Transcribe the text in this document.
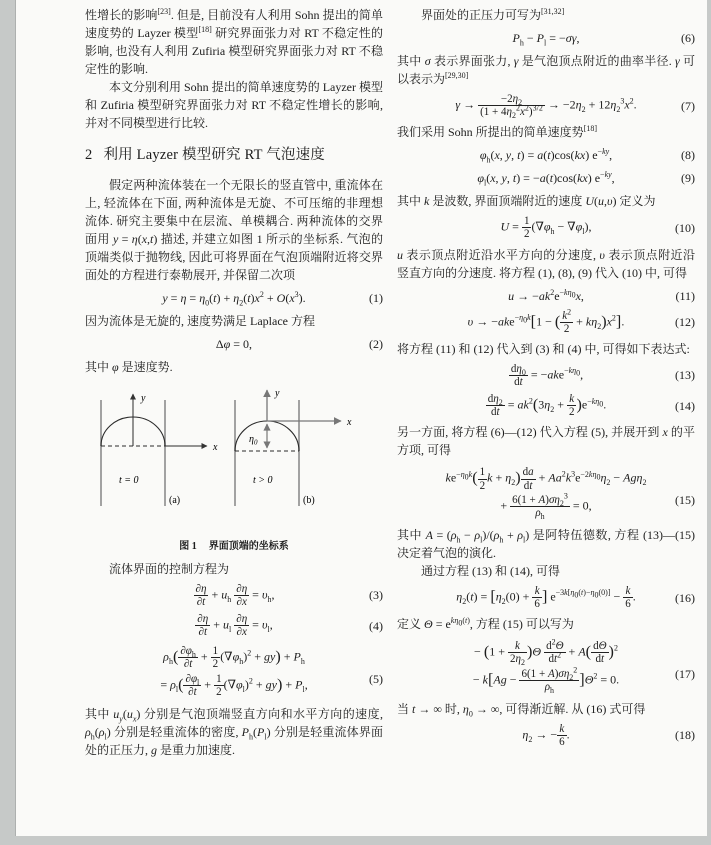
性增长的影响[23]. 但是, 目前没有人利用 Sohn 提出的简单速度势的 Layzer 模型[18] 研究界面张力对 RT 不稳定性的影响, 也没有人利用 Zufiria 模型研究界面张力对 RT 不稳定性的影响.

本文分别利用 Sohn 提出的简单速度势的 Layzer 模型和 Zufiria 模型研究界面张力对 RT 不稳定性增长的影响, 并对不同模型进行比较.

2 利用 Layzer 模型研究 RT 气泡速度

假定两种流体装在一个无限长的竖直管中, 重流体在上, 轻流体在下面, 两种流体是无旋、不可压缩的非理想流体. 研究主要集中在层流、单模耦合. 两种流体的交界面用 y = η(x,t) 描述, 并建立如图 1 所示的坐标系. 气泡的顶端类似于抛物线, 因此可将界面在气泡顶端附近将交界面处的方程进行泰勒展开, 并保留二次项

$y = \eta = \eta_0(t) + \eta_2(t)x^2 + O(x^3)$.	(1)

因为流体是无旋的, 速度势满足 Laplace 方程

Δφ = 0,	(2)

其中 φ 是速度势.

y
x
t = 0
(a)
y
x
$\eta_0$
t > 0
(b)
图 1 界面顶端的坐标系

流体界面的控制方程为

$\frac{\partial\eta}{\partial t} + u_h \frac{\partial\eta}{\partial x} = \upsilon_h$,	(3)
$\frac{\partial\eta}{\partial t} + u_l \frac{\partial\eta}{\partial x} = \upsilon_l$,	(4)
$\rho_h( \frac{\partial\varphi_h}{\partial t} + \frac{1}{2} (\nabla\varphi_h)^2 + gy) + P_h$
= $\rho_l( \frac{\partial\varphi_l}{\partial t} + \frac{1}{2} (\nabla\varphi_l)^2 + gy) + P_l$,	(5)

其中 $u_y(u_x)$ 分别是气泡顶端竖直方向和水平方向的速度, $\rho_h(\rho_l)$ 分别是轻重流体的密度, $P_h(P_l)$ 分别是轻重流体界面处的正压力, g 是重力加速度.

界面处的正压力可写为[31,32]

$P_h - P_l = -\sigma\gamma$,	(6)

其中 σ 表示界面张力, γ 是气泡顶点附近的曲率半径. γ 可以表示为[29,30]

$\gamma \to \frac{-2\eta_2}{(1 + 4\eta_2^2x^2)^{3/2}} \to -2\eta_2 + 12\eta_2^3x^2$.	(7)

我们采用 Sohn 所提出的简单速度势[18]

$\varphi_h(x$, y, t) = a(t)cos(kx) $e^{-ky}$,	(8)
$\varphi_l(x$, y, t) = −a(t)cos(kx) $e^{-ky}$,	(9)

其中 k 是波数, 界面顶端附近的速度 U(u,υ) 定义为

$U = \frac{1}{2} (\nabla\varphi_h - \nabla\varphi_l)$,	(10)

u 表示顶点附近沿水平方向的分速度, υ 表示顶点附近沿竖直方向的分速度. 将方程 (1), (8), (9) 代入 (10) 中, 可得

$u \to -ak^2e^{-k\eta_0}x$,	(11)
υ → −ake$^{-\eta_0k}$[1 − ( $\frac{k^2}{2} + k\eta_2)x^2$].	(12)

将方程 (11) 和 (12) 代入到 (3) 和 (4) 中, 可得如下表达式:

$\frac{d\eta_0}{dt} = -ake^{-k\eta_0}$,	(13)
$\frac{d\eta_2}{dt} = ak^2(3\eta_2 + \frac{k}{2} )e^{-k\eta_0}$.	(14)

另一方面, 将方程 (6)—(12) 代入方程 (5), 并展开到 x 的平方项, 可得

$ke^{-\eta_0k}( \frac{1}{2}$ $k + \eta_2) \frac{da}{dt} + Aa^2k^3e^{-2k\eta_0}\eta_2 - Ag\eta_2$
+ $\frac{6(1 + A)\sigma\eta_2^3}{\rho_h} = 0$,	(15)

其中 $A = (\rho_h - \rho_l)/(\rho_h + \rho_l)$ 是阿特伍德数, 方程 (13)—(15) 决定着气泡的演化.

通过方程 (13) 和 (14), 可得

$\eta_2(t) = [\eta_2(0) + \frac{k}{6}$ ] $e^{-3k[\eta_0(t)-\eta_0(0)]} - \frac{k}{6}$ .	(16)

定义 $\Theta = e^{k\eta_0(t)}$, 方程 (15) 可以写为

− $(1 + \frac{k}{2\eta_2} )\Theta \frac{d^2\Theta}{dt^2} + A( \frac{d\Theta}{dt} )^2$
− $k[Ag - \frac{6(1 + A)\sigma\eta_2^2}{\rho_h} ]\Theta^2 = 0$.	(17)

当 t → ∞ 时, $\eta_0$ → ∞, 可得渐近解. 从 (16) 式可得

$\eta_2$ → − $\frac{k}{6}$ .	(18)
